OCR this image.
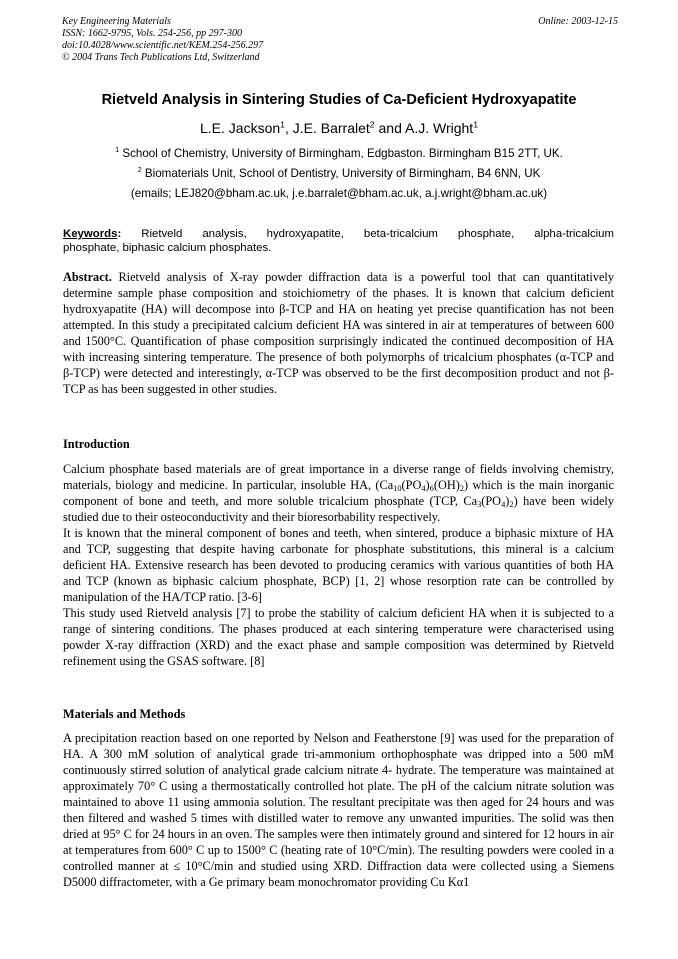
Key Engineering Materials
ISSN: 1662-9795, Vols. 254-256, pp 297-300
doi:10.4028/www.scientific.net/KEM.254-256.297
© 2004 Trans Tech Publications Ltd, Switzerland
Online: 2003-12-15
Rietveld Analysis in Sintering Studies of Ca-Deficient Hydroxyapatite
L.E. Jackson$^1$, J.E. Barralet$^2$ and A.J. Wright$^1$
$^1$ School of Chemistry, University of Birmingham, Edgbaston. Birmingham B15 2TT, UK.
$^2$ Biomaterials Unit, School of Dentistry, University of Birmingham, B4 6NN, UK
(emails; LEJ820@bham.ac.uk, j.e.barralet@bham.ac.uk, a.j.wright@bham.ac.uk)
Keywords: Rietveld analysis, hydroxyapatite, beta-tricalcium phosphate, alpha-tricalcium
phosphate, biphasic calcium phosphates.

Abstract. Rietveld analysis of X-ray powder diffraction data is a powerful tool that can quantitatively determine sample phase composition and stoichiometry of the phases. It is known that calcium deficient hydroxyapatite (HA) will decompose into β-TCP and HA on heating yet precise quantification has not been attempted. In this study a precipitated calcium deficient HA was sintered in air at temperatures of between 600 and 1500°C. Quantification of phase composition surprisingly indicated the continued decomposition of HA with increasing sintering temperature. The presence of both polymorphs of tricalcium phosphates (α-TCP and β-TCP) were detected and interestingly, α-TCP was observed to be the first decomposition product and not β-TCP as has been suggested in other studies.

Introduction

Calcium phosphate based materials are of great importance in a diverse range of fields involving chemistry, materials, biology and medicine. In particular, insoluble HA, $(Ca_{10}(PO_4)_6(OH)_2)$ which is the main inorganic component of bone and teeth, and more soluble tricalcium phosphate (TCP, $Ca_3(PO_4)_2$) have been widely studied due to their osteoconductivity and their bioresorbability respectively.

It is known that the mineral component of bones and teeth, when sintered, produce a biphasic mixture of HA and TCP, suggesting that despite having carbonate for phosphate substitutions, this mineral is a calcium deficient HA. Extensive research has been devoted to producing ceramics with various quantities of both HA and TCP (known as biphasic calcium phosphate, BCP) [1, 2] whose resorption rate can be controlled by manipulation of the HA/TCP ratio. [3-6]

This study used Rietveld analysis [7] to probe the stability of calcium deficient HA when it is subjected to a range of sintering conditions. The phases produced at each sintering temperature were characterised using powder X-ray diffraction (XRD) and the exact phase and sample composition was determined by Rietveld refinement using the GSAS software. [8]

Materials and Methods

A precipitation reaction based on one reported by Nelson and Featherstone [9] was used for the preparation of HA. A 300 mM solution of analytical grade tri-ammonium orthophosphate was dripped into a 500 mM continuously stirred solution of analytical grade calcium nitrate 4- hydrate. The temperature was maintained at approximately 70° C using a thermostatically controlled hot plate. The pH of the calcium nitrate solution was maintained to above 11 using ammonia solution. The resultant precipitate was then aged for 24 hours and was then filtered and washed 5 times with distilled water to remove any unwanted impurities. The solid was then dried at 95° C for 24 hours in an oven. The samples were then intimately ground and sintered for 12 hours in air at temperatures from 600° C up to 1500° C (heating rate of 10°C/min). The resulting powders were cooled in a controlled manner at ≤ 10°C/min and studied using XRD. Diffraction data were collected using a Siemens D5000 diffractometer, with a Ge primary beam monochromator providing Cu Kα1
